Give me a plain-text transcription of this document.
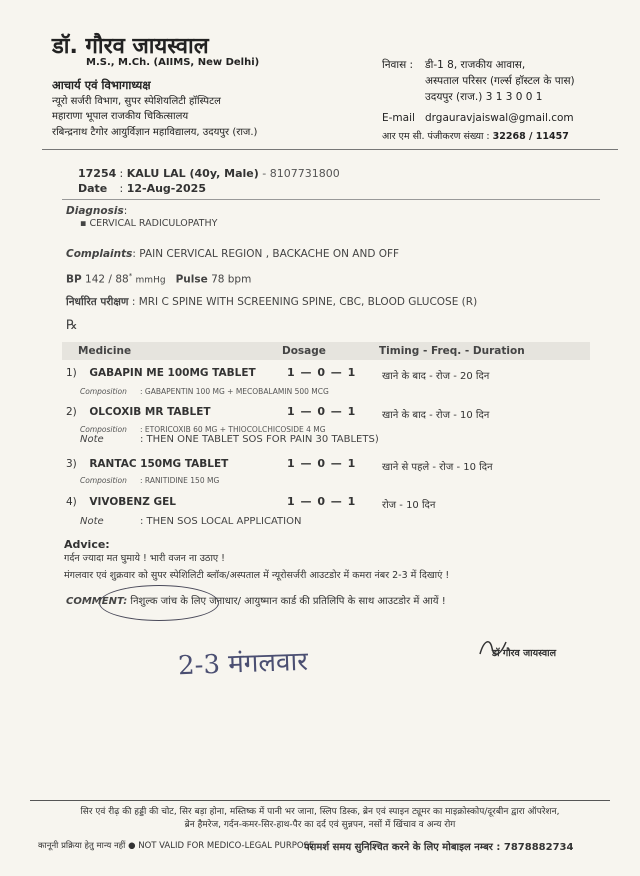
डॉ. गौरव जायस्वाल
M.S., M.Ch. (AIIMS, New Delhi)
आचार्य एवं विभागाध्यक्ष
न्यूरो सर्जरी विभाग, सुपर स्पेशियलिटी हॉस्पिटल
महाराणा भूपाल राजकीय चिकित्सालय
रबिन्द्रनाथ टैगोर आयुर्विज्ञान महाविद्यालय, उदयपुर (राज.)
निवास : डी-1 8, राजकीय आवास,
अस्पताल परिसर (गर्ल्स हॉस्टल के पास)
उदयपुर (राज.) 3 1 3 0 0 1
E-mail drgauravjaiswal@gmail.com
आर एम सी. पंजीकरण संख्या : 32268 / 11457
17254 : KALU LAL (40y, Male) - 8107731800
Date : 12-Aug-2025
Diagnosis:
▪ CERVICAL RADICULOPATHY
Complaints: PAIN CERVICAL REGION , BACKACHE ON AND OFF
BP 142 / 88* mmHg Pulse 78 bpm
निर्धारित परीक्षण : MRI C SPINE WITH SCREENING SPINE, CBC, BLOOD GLUCOSE (R)
℞
Medicine	Dosage	Timing - Freq. - Duration
1) GABAPIN ME 100MG TABLET	1 — 0 — 1	खाने के बाद - रोज - 20 दिन
Composition : GABAPENTIN 100 MG + MECOBALAMIN 500 MCG
2) OLCOXIB MR TABLET	1 — 0 — 1	खाने के बाद - रोज - 10 दिन
Composition : ETORICOXIB 60 MG + THIOCOLCHICOSIDE 4 MG
Note	: THEN ONE TABLET SOS FOR PAIN 30 TABLETS)
3) RANTAC 150MG TABLET	1 — 0 — 1	खाने से पहले - रोज - 10 दिन
Composition : RANITIDINE 150 MG
4) VIVOBENZ GEL	1 — 0 — 1	रोज - 10 दिन
Note	: THEN SOS LOCAL APPLICATION
Advice:
गर्दन ज्यादा मत घुमाये ! भारी वजन ना उठाए !
मंगलवार एवं शुक्रवार को सुपर स्पेशिलिटी ब्लॉक/अस्पताल में न्यूरोसर्जरी आउटडोर में कमरा नंबर 2-3 में दिखाएं !
COMMENT: निशुल्क जांच के लिए जनाधार/ आयुष्मान कार्ड की प्रतिलिपि के साथ आउटडोर में आयें !
2-3 मंगलवार	डॉ गौरव जायस्वाल
सिर एवं रीढ़ की हड्डी की चोट, सिर बड़ा होना, मस्तिष्क में पानी भर जाना, स्लिप डिस्क, ब्रेन एवं स्पाइन ट्यूमर का माइक्रोस्कोप/दूरबीन द्वारा ऑपरेशन,
ब्रेन हैमरेज, गर्दन-कमर-सिर-हाथ-पैर का दर्द एवं सुन्नपन, नसों में खिंचाव व अन्य रोग
कानूनी प्रक्रिया हेतु मान्य नहीं ● NOT VALID FOR MEDICO-LEGAL PURPOSE
परामर्श समय सुनिश्चित करने के लिए मोबाइल नम्बर : 7878882734
